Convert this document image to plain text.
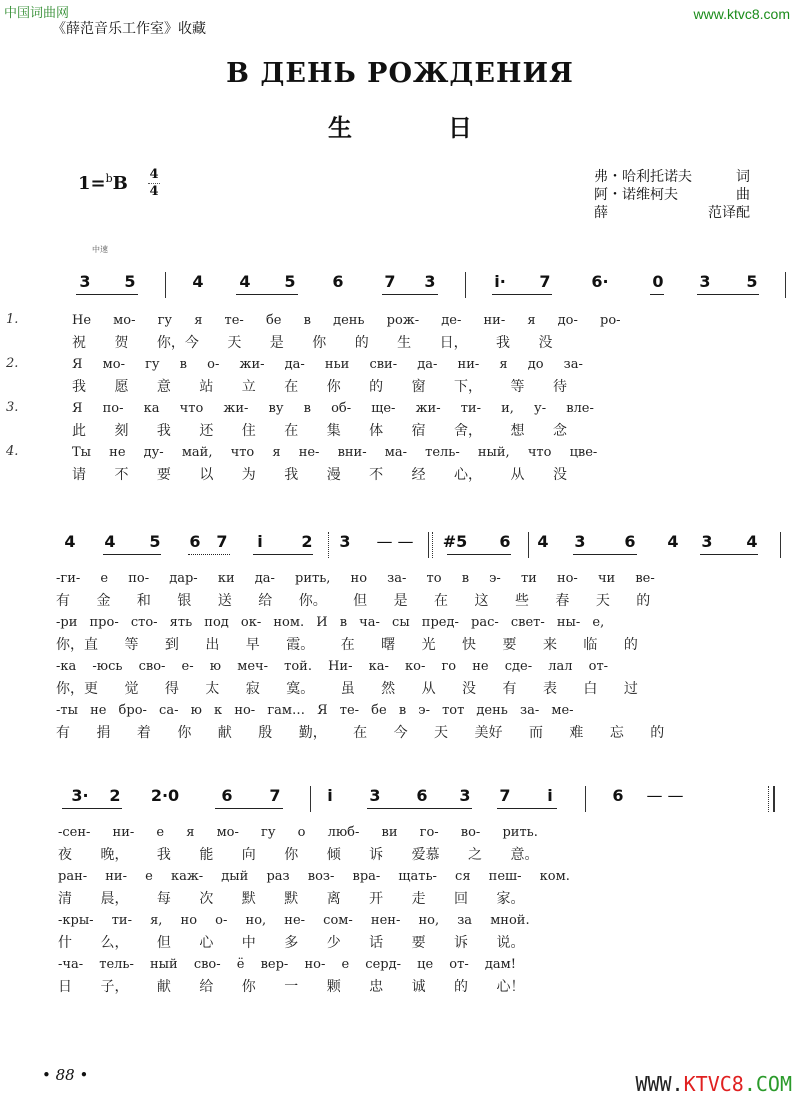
中国词曲网
《薛范音乐工作室》收藏
www.ktvc8.com
В ДЕНЬ РОЖДЕНИЯ
生	日
1=$^b$B 4
4
弗・哈利托诺夫	词
阿・诺维柯夫	曲
薛	范译配
中速
3 5	4 4 5 6	7 3	i· 7	6·	0 3 5
1.
2.
3.
4.
Не мо- гу я те- бе в день рож- де- ни- я до- ро-
祝 贺 你，今 天 是 你 的 生 日， 我 没
Я мо- гу в о- жи- да- ньи сви- да- ни- я до за-
我 愿 意 站 立 在 你 的 窗 下， 等 待
Я по- ка что жи- ву в об- ще- жи- ти- и, у- вле-
此 刻 我 还 住 在 集 体 宿 舍， 想 念
Ты не ду- май, что я не- вни- ма- тель- ный, что цве-
请 不 要 以 为 我 漫 不 经 心， 从 没
4 4 5 6 7 i 2 3 — — #5 6 4 3 6 4 3 4
-ги- е по- дар- ки да- рить, но за- то в э- ти но- чи ве-
有 金 和 银 送 给 你。 但 是 在 这 些 春 天 的
-ри про- сто- ять под ок- ном. И в ча- сы пред- рас- свет- ны- е,
你，直 等 到 出 早 霞。 在 曙 光 快 要 来 临 的
-ка -юсь сво- е- ю меч- той. Ни- ка- ко- го не сде- лал от-
你，更 觉 得 太 寂 寞。 虽 然 从 没 有 表 白 过
-ты не бро- са- ю к но- гам… Я те- бе в э- тот день за- ме-
有 捐 着 你 献 殷 勤， 在 今 天 美好 而 难 忘 的
3· 2 2·0	6 7	i 3 6 3 7 i	6 — —
-сен- ни- е я мо- гу о люб- ви го- во- рить.
夜 晚， 我 能 向 你 倾 诉 爱慕 之 意。
ран- ни- е каж- дый раз воз- вра- щать- ся пеш- ком.
清 晨， 每 次 默 默 离 开 走 回 家。
-кры- ти- я, но о- но, не- сом- нен- но, за мной.
什 么， 但 心 中 多 少 话 要 诉 说。
-ча- тель- ный сво- ё вер- но- е серд- це от- дам!
日 子， 献 给 你 一 颗 忠 诚 的 心！
• 88 •	WWW.KTVC8.COM
